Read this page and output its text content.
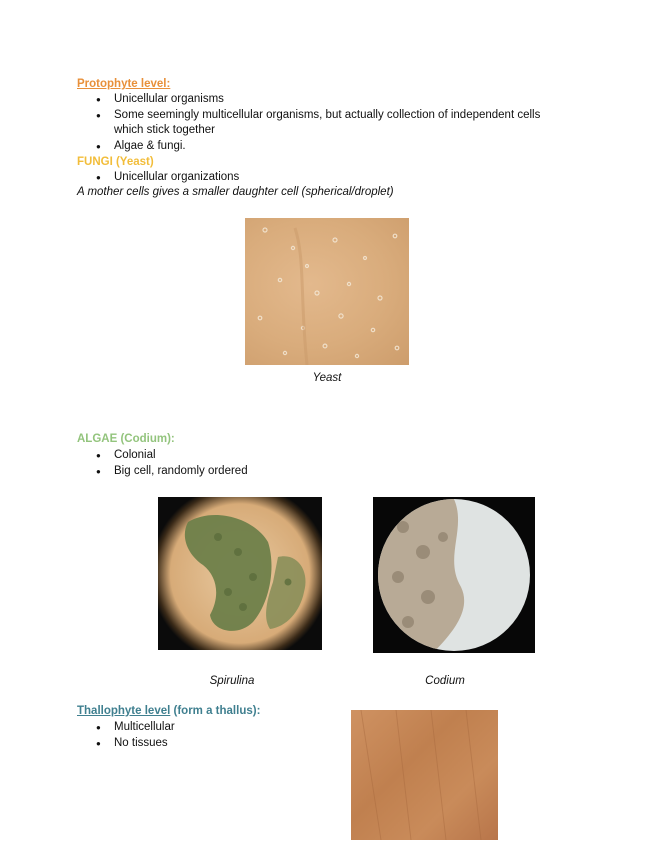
Protophyte level:
● Unicellular organisms
● Some seemingly multicellular organisms, but actually collection of independent cells which stick together
● Algae & fungi.
FUNGI (Yeast)
● Unicellular organizations
A mother cells gives a smaller daughter cell (spherical/droplet)
Yeast
ALGAE (Codium):
● Colonial
● Big cell, randomly ordered
Spirulina	Codium
Thallophyte level (form a thallus):
● Multicellular
● No tissues
